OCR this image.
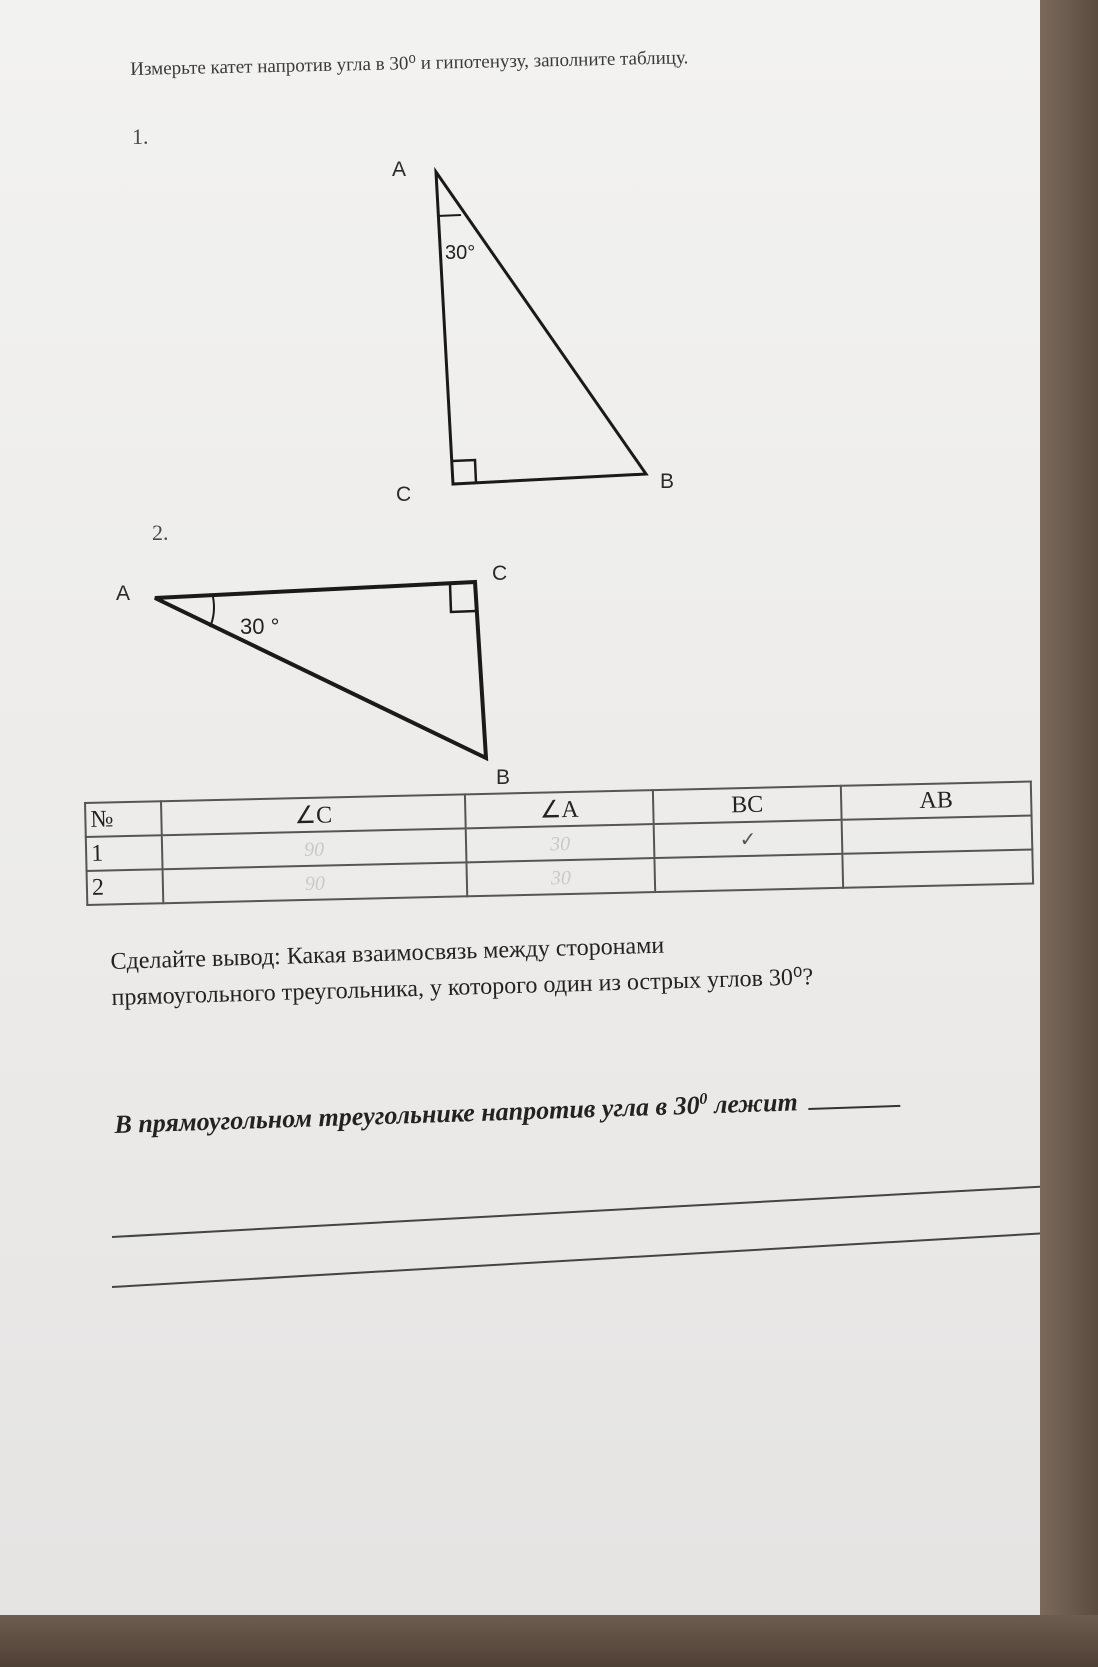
Измерьте катет напротив угла в 30⁰ и гипотенузу, заполните таблицу.
1.
A
C
B
30°
2.
A
C
B
30 °
№	∠C	∠A	BC	AB
1	90	30	✓	
2	90	30		
Сделайте вывод: Какая взаимосвязь между сторонами
прямоугольного треугольника, у которого один из острых углов 30⁰?
В прямоугольном треугольнике напротив угла в $30^0$ лежит
